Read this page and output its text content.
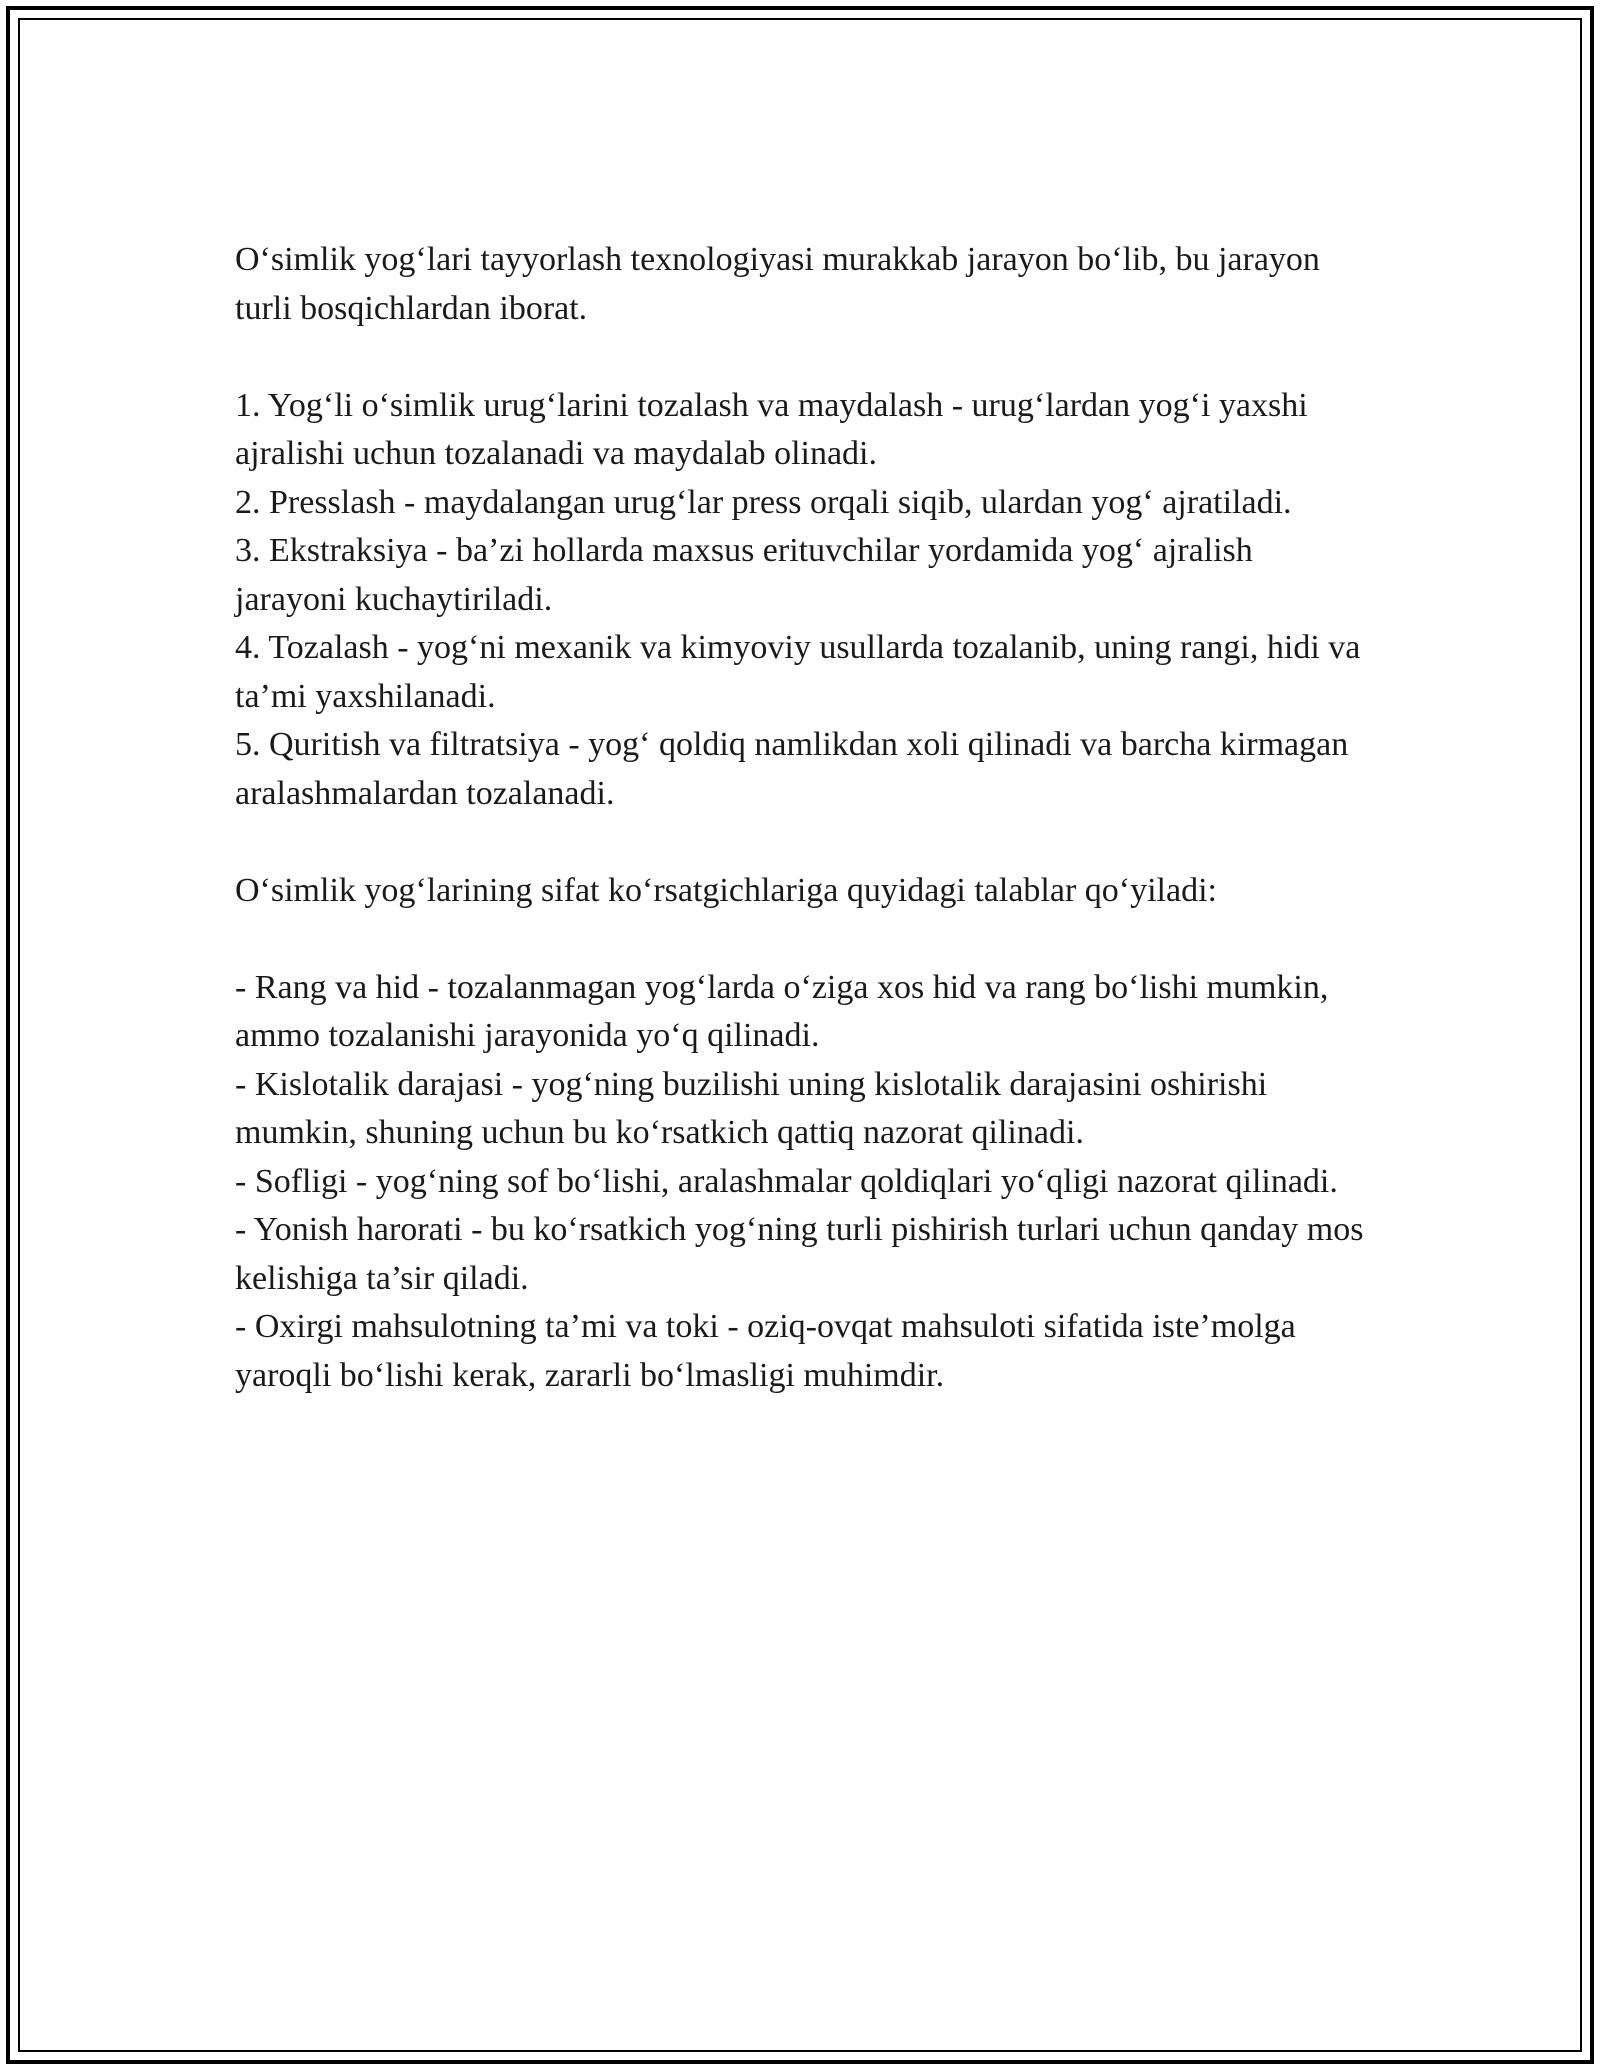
O‘simlik yog‘lari tayyorlash texnologiyasi murakkab jarayon bo‘lib, bu jarayon turli bosqichlardan iborat.

1. Yog‘li o‘simlik urug‘larini tozalash va maydalash - urug‘lardan yog‘i yaxshi ajralishi uchun tozalanadi va maydalab olinadi.

2. Presslash - maydalangan urug‘lar press orqali siqib, ulardan yog‘ ajratiladi.

3. Ekstraksiya - ba’zi hollarda maxsus erituvchilar yordamida yog‘ ajralish jarayoni kuchaytiriladi.

4. Tozalash - yog‘ni mexanik va kimyoviy usullarda tozalanib, uning rangi, hidi va ta’mi yaxshilanadi.

5. Quritish va filtratsiya - yog‘ qoldiq namlikdan xoli qilinadi va barcha kirmagan aralashmalardan tozalanadi.

O‘simlik yog‘larining sifat ko‘rsatgichlariga quyidagi talablar qo‘yiladi:

- Rang va hid - tozalanmagan yog‘larda o‘ziga xos hid va rang bo‘lishi mumkin, ammo tozalanishi jarayonida yo‘q qilinadi.

- Kislotalik darajasi - yog‘ning buzilishi uning kislotalik darajasini oshirishi mumkin, shuning uchun bu ko‘rsatkich qattiq nazorat qilinadi.

- Sofligi - yog‘ning sof bo‘lishi, aralashmalar qoldiqlari yo‘qligi nazorat qilinadi.

- Yonish harorati - bu ko‘rsatkich yog‘ning turli pishirish turlari uchun qanday mos kelishiga ta’sir qiladi.

- Oxirgi mahsulotning ta’mi va toki - oziq-ovqat mahsuloti sifatida iste’molga yaroqli bo‘lishi kerak, zararli bo‘lmasligi muhimdir.
